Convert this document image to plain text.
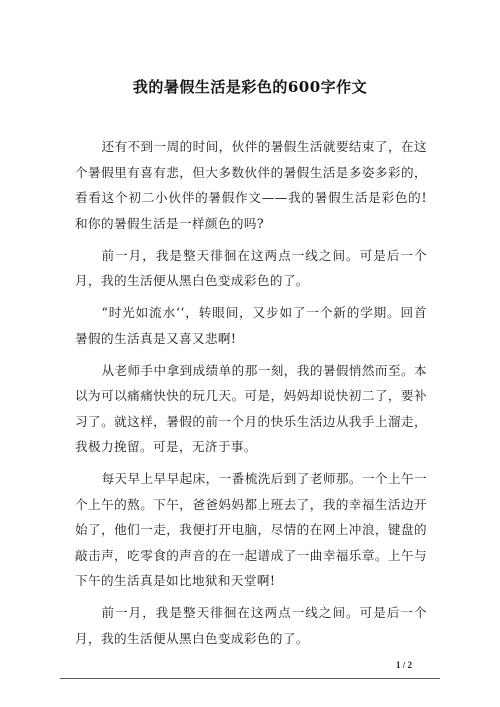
我的暑假生活是彩色的600字作文

还有不到一周的时间，伙伴的暑假生活就要结束了，在这个暑假里有喜有悲，但大多数伙伴的暑假生活是多姿多彩的，看看这个初二小伙伴的暑假作文——我的暑假生活是彩色的!和你的暑假生活是一样颜色的吗?

前一月，我是整天徘徊在这两点一线之间。可是后一个月，我的生活便从黑白色变成彩色的了。

“时光如流水‘‘，转眼间，又步如了一个新的学期。回首暑假的生活真是又喜又悲啊!

从老师手中拿到成绩单的那一刻，我的暑假悄然而至。本以为可以痛痛快快的玩几天。可是，妈妈却说快初二了，要补习了。就这样，暑假的前一个月的快乐生活边从我手上溜走，我极力挽留。可是，无济于事。

每天早上早早起床，一番梳洗后到了老师那。一个上午一个上午的熬。下午，爸爸妈妈都上班去了，我的幸福生活边开始了，他们一走，我便打开电脑，尽情的在网上冲浪，键盘的敲击声，吃零食的声音的在一起谱成了一曲幸福乐章。上午与下午的生活真是如比地狱和天堂啊!

前一月，我是整天徘徊在这两点一线之间。可是后一个月，我的生活便从黑白色变成彩色的了。

1 / 2
